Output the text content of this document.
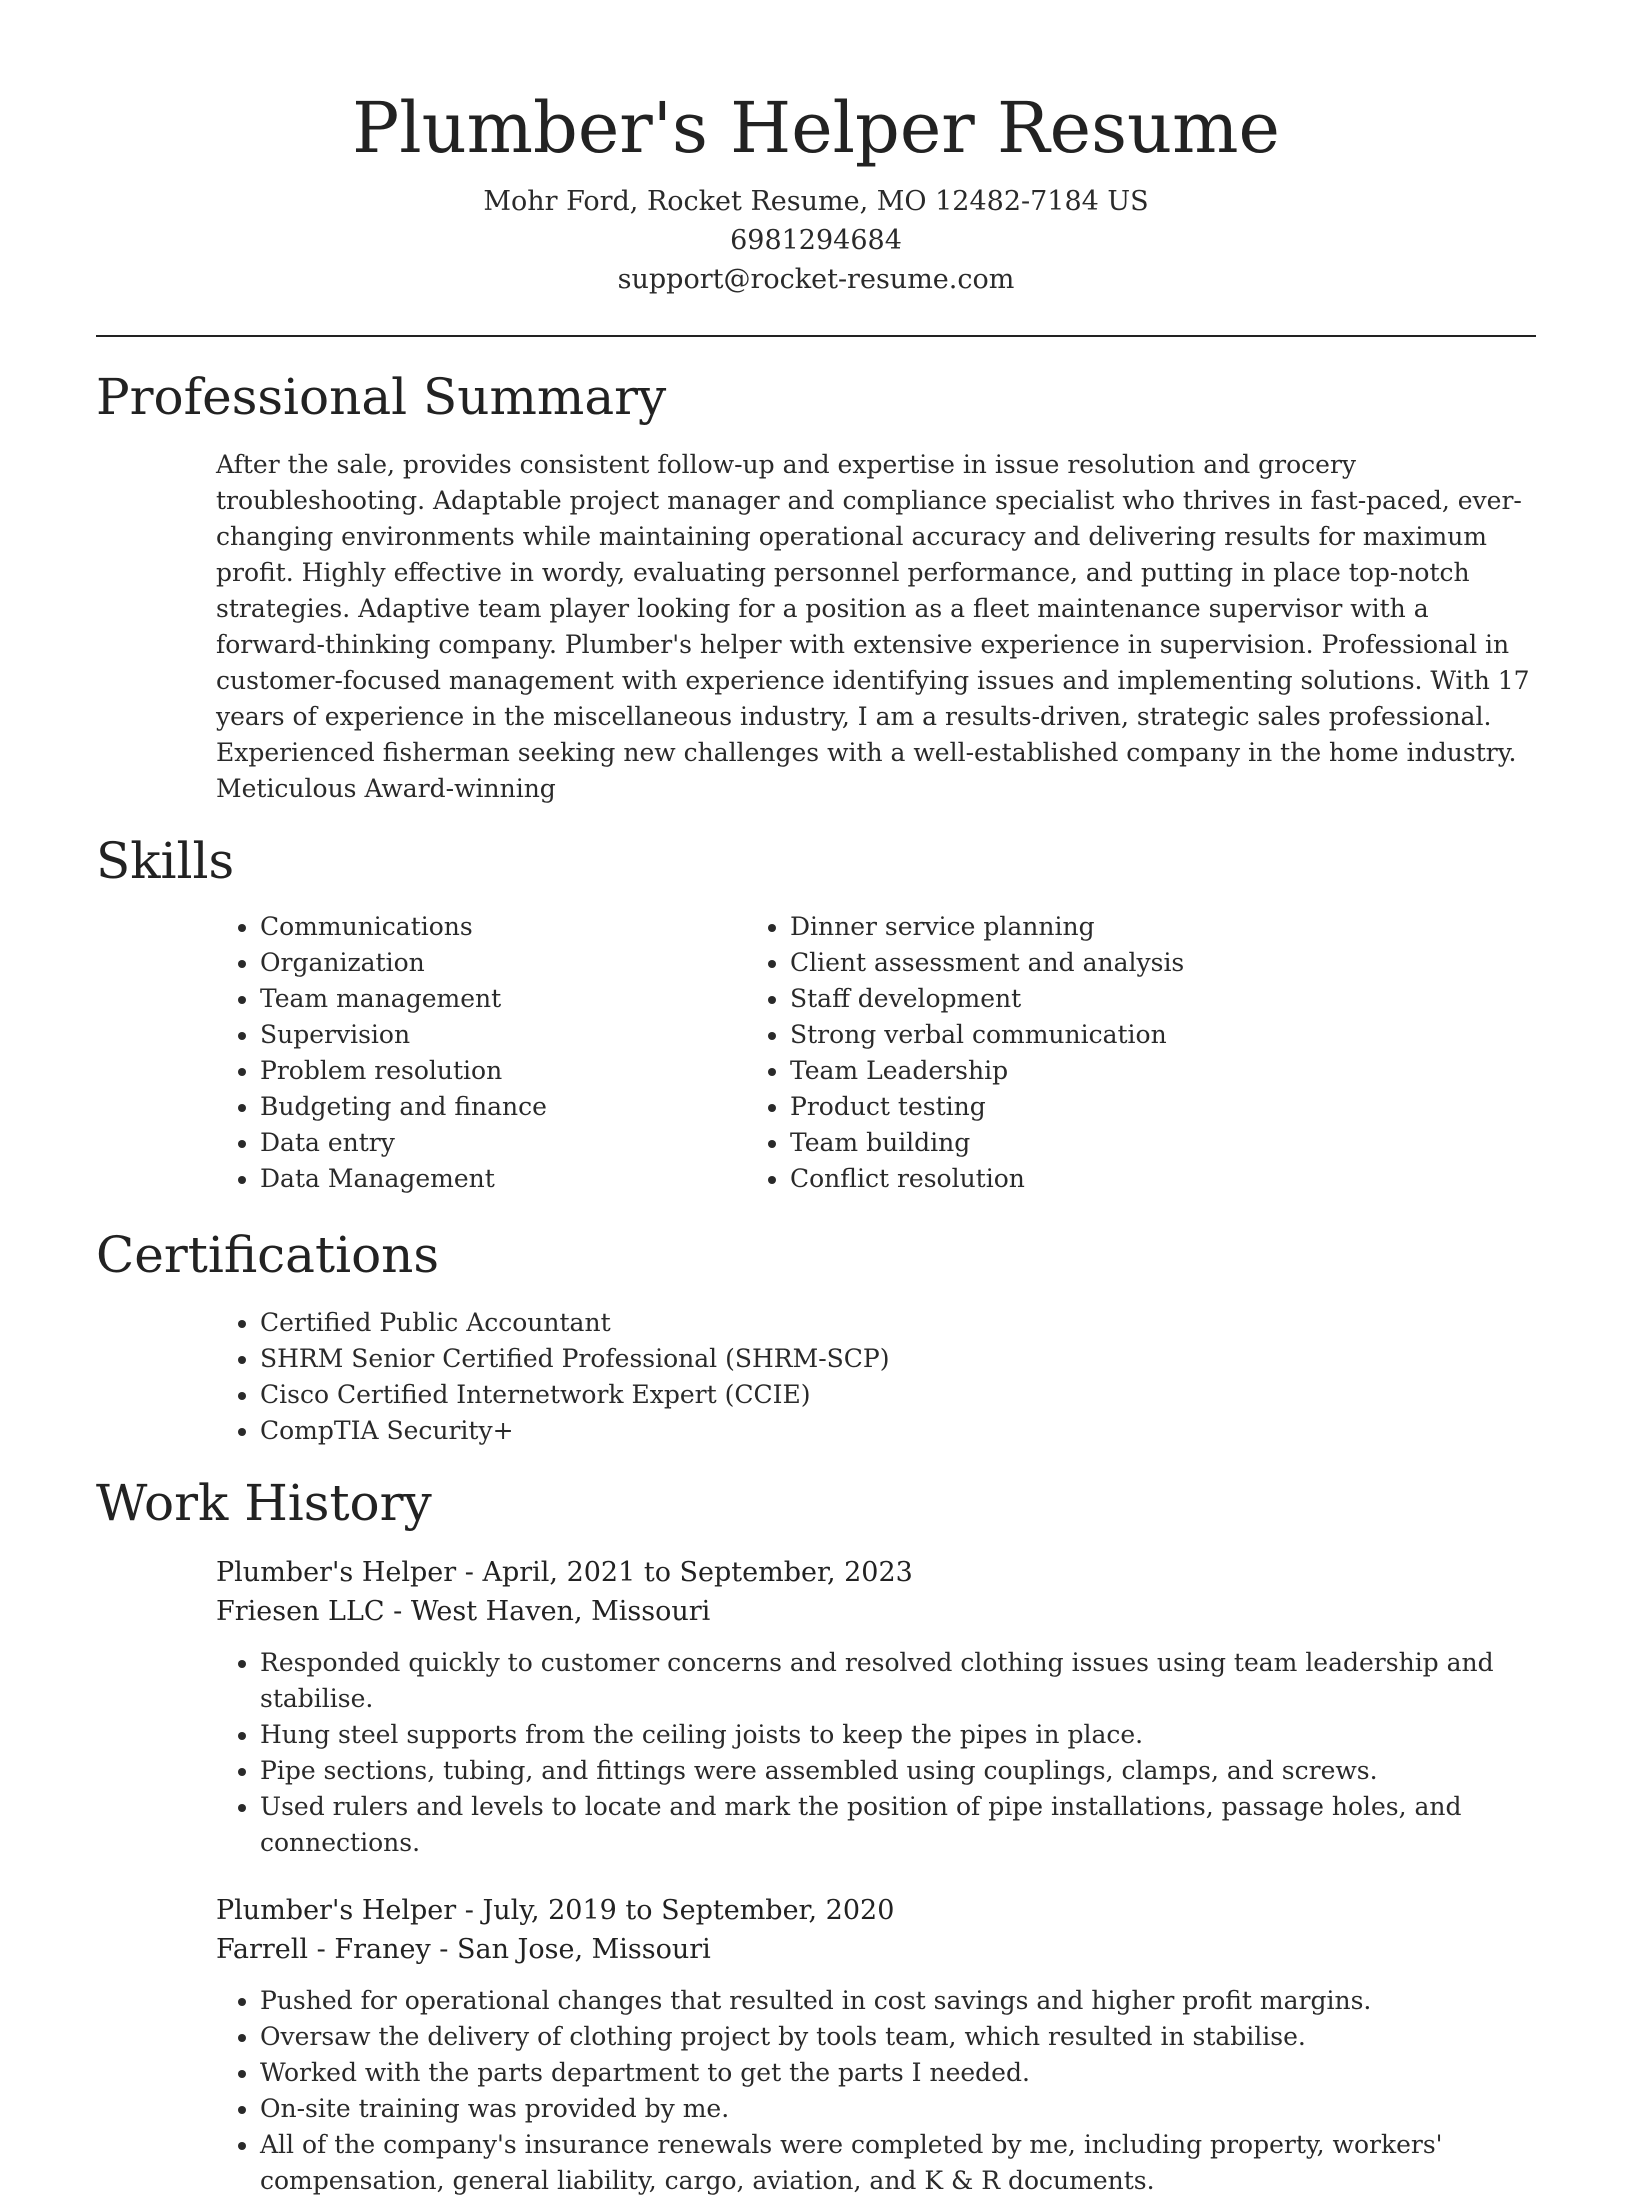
Plumber's Helper Resume
Mohr Ford, Rocket Resume, MO 12482-7184 US
6981294684
support@rocket-resume.com
Professional Summary

After the sale, provides consistent follow-up and expertise in issue resolution and grocery troubleshooting. Adaptable project manager and compliance specialist who thrives in fast-paced, ever-changing environments while maintaining operational accuracy and delivering results for maximum profit. Highly effective in wordy, evaluating personnel performance, and putting in place top-notch strategies. Adaptive team player looking for a position as a fleet maintenance supervisor with a forward-thinking company. Plumber's helper with extensive experience in supervision. Professional in customer-focused management with experience identifying issues and implementing solutions. With 17 years of experience in the miscellaneous industry, I am a results-driven, strategic sales professional. Experienced fisherman seeking new challenges with a well-established company in the home industry. Meticulous Award-winning

Skills
• Communications
• Organization
• Team management
• Supervision
• Problem resolution
• Budgeting and finance
• Data entry
• Data Management
• Dinner service planning
• Client assessment and analysis
• Staff development
• Strong verbal communication
• Team Leadership
• Product testing
• Team building
• Conflict resolution
Certifications
• Certified Public Accountant
• SHRM Senior Certified Professional (SHRM-SCP)
• Cisco Certified Internetwork Expert (CCIE)
• CompTIA Security+
Work History
Plumber's Helper - April, 2021 to September, 2023
Friesen LLC - West Haven, Missouri
• Responded quickly to customer concerns and resolved clothing issues using team leadership and stabilise.
• Hung steel supports from the ceiling joists to keep the pipes in place.
• Pipe sections, tubing, and fittings were assembled using couplings, clamps, and screws.
• Used rulers and levels to locate and mark the position of pipe installations, passage holes, and connections.
Plumber's Helper - July, 2019 to September, 2020
Farrell - Franey - San Jose, Missouri
• Pushed for operational changes that resulted in cost savings and higher profit margins.
• Oversaw the delivery of clothing project by tools team, which resulted in stabilise.
• Worked with the parts department to get the parts I needed.
• On-site training was provided by me.
• All of the company's insurance renewals were completed by me, including property, workers' compensation, general liability, cargo, aviation, and K & R documents.
